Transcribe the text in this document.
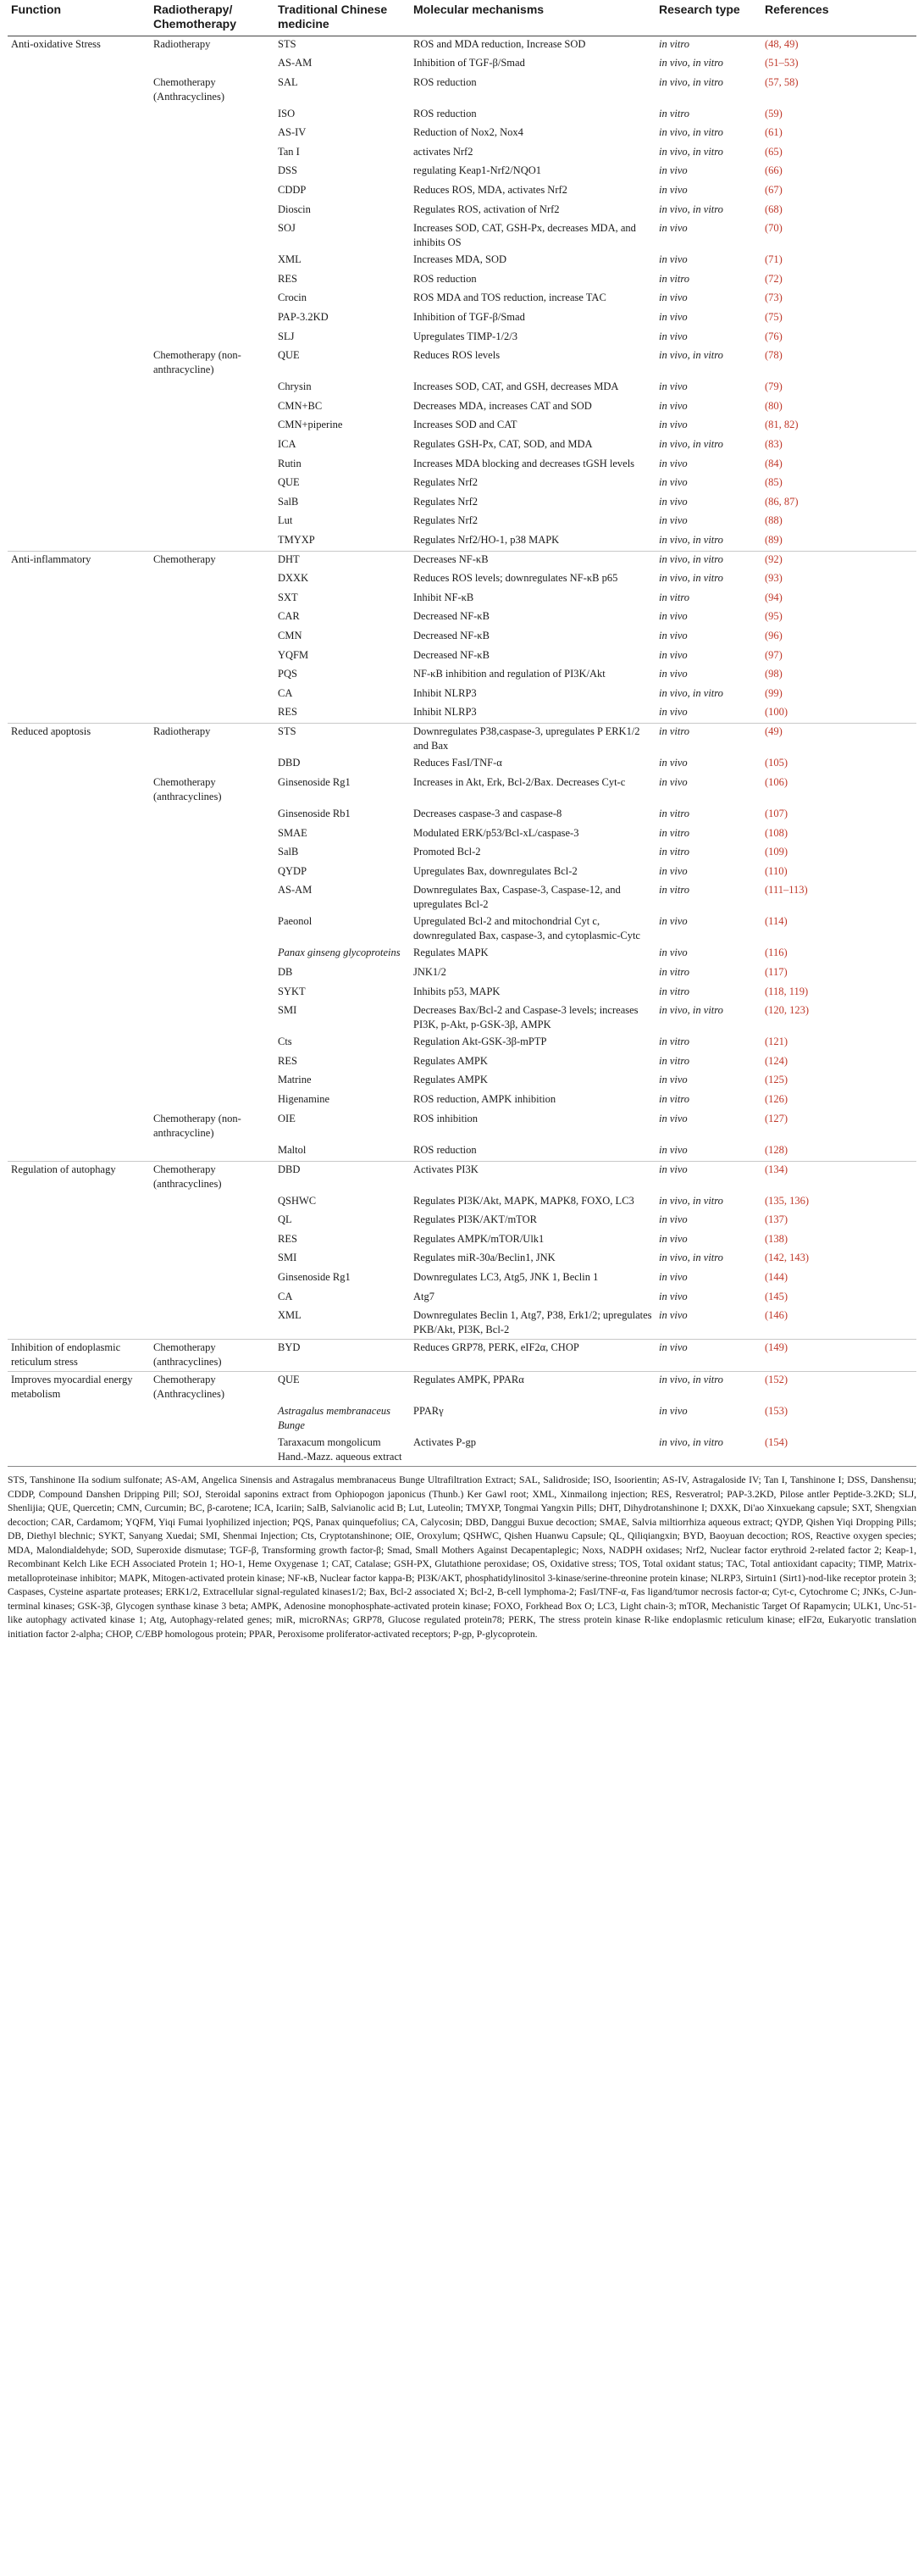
Function	Radiotherapy/ Chemotherapy	Traditional Chinese medicine	Molecular mechanisms	Research type	References
Anti-oxidative Stress	Radiotherapy	STS	ROS and MDA reduction, Increase SOD	in vitro	(48, 49)
		AS-AM	Inhibition of TGF-β/Smad	in vivo, in vitro	(51–53)
	Chemotherapy (Anthracyclines)	SAL	ROS reduction	in vivo, in vitro	(57, 58)
		ISO	ROS reduction	in vitro	(59)
		AS-IV	Reduction of Nox2, Nox4	in vivo, in vitro	(61)
		Tan I	activates Nrf2	in vivo, in vitro	(65)
		DSS	regulating Keap1-Nrf2/NQO1	in vivo	(66)
		CDDP	Reduces ROS, MDA, activates Nrf2	in vivo	(67)
		Dioscin	Regulates ROS, activation of Nrf2	in vivo, in vitro	(68)
		SOJ	Increases SOD, CAT, GSH-Px, decreases MDA, and inhibits OS	in vivo	(70)
		XML	Increases MDA, SOD	in vivo	(71)
		RES	ROS reduction	in vitro	(72)
		Crocin	ROS MDA and TOS reduction, increase TAC	in vivo	(73)
		PAP-3.2KD	Inhibition of TGF-β/Smad	in vivo	(75)
		SLJ	Upregulates TIMP-1/2/3	in vivo	(76)
	Chemotherapy (non-anthracycline)	QUE	Reduces ROS levels	in vivo, in vitro	(78)
		Chrysin	Increases SOD, CAT, and GSH, decreases MDA	in vivo	(79)
		CMN+BC	Decreases MDA, increases CAT and SOD	in vivo	(80)
		CMN+piperine	Increases SOD and CAT	in vivo	(81, 82)
		ICA	Regulates GSH-Px, CAT, SOD, and MDA	in vivo, in vitro	(83)
		Rutin	Increases MDA blocking and decreases tGSH levels	in vivo	(84)
		QUE	Regulates Nrf2	in vivo	(85)
		SalB	Regulates Nrf2	in vivo	(86, 87)
		Lut	Regulates Nrf2	in vivo	(88)
		TMYXP	Regulates Nrf2/HO-1, p38 MAPK	in vivo, in vitro	(89)
Anti-inflammatory	Chemotherapy	DHT	Decreases NF-κB	in vivo, in vitro	(92)
		DXXK	Reduces ROS levels; downregulates NF-κB p65	in vivo, in vitro	(93)
		SXT	Inhibit NF-κB	in vitro	(94)
		CAR	Decreased NF-κB	in vivo	(95)
		CMN	Decreased NF-κB	in vivo	(96)
		YQFM	Decreased NF-κB	in vivo	(97)
		PQS	NF-κB inhibition and regulation of PI3K/Akt	in vivo	(98)
		CA	Inhibit NLRP3	in vivo, in vitro	(99)
		RES	Inhibit NLRP3	in vivo	(100)
Reduced apoptosis	Radiotherapy	STS	Downregulates P38,caspase-3, upregulates P ERK1/2 and Bax	in vitro	(49)
		DBD	Reduces FasI/TNF-α	in vivo	(105)
	Chemotherapy (anthracyclines)	Ginsenoside Rg1	Increases in Akt, Erk, Bcl-2/Bax. Decreases Cyt-c	in vivo	(106)
		Ginsenoside Rb1	Decreases caspase-3 and caspase-8	in vitro	(107)
		SMAE	Modulated ERK/p53/Bcl-xL/caspase-3	in vitro	(108)
		SalB	Promoted Bcl-2	in vitro	(109)
		QYDP	Upregulates Bax, downregulates Bcl-2	in vivo	(110)
		AS-AM	Downregulates Bax, Caspase-3, Caspase-12, and upregulates Bcl-2	in vitro	(111–113)
		Paeonol	Upregulated Bcl-2 and mitochondrial Cyt c, downregulated Bax, caspase-3, and cytoplasmic-Cytc	in vivo	(114)
		Panax ginseng glycoproteins	Regulates MAPK	in vivo	(116)
		DB	JNK1/2	in vitro	(117)
		SYKT	Inhibits p53, MAPK	in vitro	(118, 119)
		SMI	Decreases Bax/Bcl-2 and Caspase-3 levels; increases PI3K, p-Akt, p-GSK-3β, AMPK	in vivo, in vitro	(120, 123)
		Cts	Regulation Akt-GSK-3β-mPTP	in vitro	(121)
		RES	Regulates AMPK	in vitro	(124)
		Matrine	Regulates AMPK	in vivo	(125)
		Higenamine	ROS reduction, AMPK inhibition	in vitro	(126)
	Chemotherapy (non-anthracycline)	OIE	ROS inhibition	in vivo	(127)
		Maltol	ROS reduction	in vivo	(128)
Regulation of autophagy	Chemotherapy (anthracyclines)	DBD	Activates PI3K	in vivo	(134)
		QSHWC	Regulates PI3K/Akt, MAPK, MAPK8, FOXO, LC3	in vivo, in vitro	(135, 136)
		QL	Regulates PI3K/AKT/mTOR	in vivo	(137)
		RES	Regulates AMPK/mTOR/Ulk1	in vivo	(138)
		SMI	Regulates miR-30a/Beclin1, JNK	in vivo, in vitro	(142, 143)
		Ginsenoside Rg1	Downregulates LC3, Atg5, JNK 1, Beclin 1	in vivo	(144)
		CA	Atg7	in vivo	(145)
		XML	Downregulates Beclin 1, Atg7, P38, Erk1/2; upregulates PKB/Akt, PI3K, Bcl-2	in vivo	(146)
Inhibition of endoplasmic reticulum stress	Chemotherapy (anthracyclines)	BYD	Reduces GRP78, PERK, eIF2α, CHOP	in vivo	(149)
Improves myocardial energy metabolism	Chemotherapy (Anthracyclines)	QUE	Regulates AMPK, PPARα	in vivo, in vitro	(152)
		Astragalus membranaceus Bunge	PPARγ	in vivo	(153)
		Taraxacum mongolicum Hand.-Mazz. aqueous extract	Activates P-gp	in vivo, in vitro	(154)

STS, Tanshinone IIa sodium sulfonate; AS-AM, Angelica Sinensis and Astragalus membranaceus Bunge Ultrafiltration Extract; SAL, Salidroside; ISO, Isoorientin; AS-IV, Astragaloside IV; Tan I, Tanshinone I; DSS, Danshensu; CDDP, Compound Danshen Dripping Pill; SOJ, Steroidal saponins extract from Ophiopogon japonicus (Thunb.) Ker Gawl root; XML, Xinmailong injection; RES, Resveratrol; PAP-3.2KD, Pilose antler Peptide-3.2KD; SLJ, Shenlijia; QUE, Quercetin; CMN, Curcumin; BC, β-carotene; ICA, Icariin; SalB, Salvianolic acid B; Lut, Luteolin; TMYXP, Tongmai Yangxin Pills; DHT, Dihydrotanshinone I; DXXK, Di'ao Xinxuekang capsule; SXT, Shengxian decoction; CAR, Cardamom; YQFM, Yiqi Fumai lyophilized injection; PQS, Panax quinquefolius; CA, Calycosin; DBD, Danggui Buxue decoction; SMAE, Salvia miltiorrhiza aqueous extract; QYDP, Qishen Yiqi Dropping Pills; DB, Diethyl blechnic; SYKT, Sanyang Xuedai; SMI, Shenmai Injection; Cts, Cryptotanshinone; OIE, Oroxylum; QSHWC, Qishen Huanwu Capsule; QL, Qiliqiangxin; BYD, Baoyuan decoction; ROS, Reactive oxygen species; MDA, Malondialdehyde; SOD, Superoxide dismutase; TGF-β, Transforming growth factor-β; Smad, Small Mothers Against Decapentaplegic; Noxs, NADPH oxidases; Nrf2, Nuclear factor erythroid 2-related factor 2; Keap-1, Recombinant Kelch Like ECH Associated Protein 1; HO-1, Heme Oxygenase 1; CAT, Catalase; GSH-PX, Glutathione peroxidase; OS, Oxidative stress; TOS, Total oxidant status; TAC, Total antioxidant capacity; TIMP, Matrix-metalloproteinase inhibitor; MAPK, Mitogen-activated protein kinase; NF-κB, Nuclear factor kappa-B; PI3K/AKT, phosphatidylinositol 3-kinase/serine-threonine protein kinase; NLRP3, Sirtuin1 (Sirt1)-nod-like receptor protein 3; Caspases, Cysteine aspartate proteases; ERK1/2, Extracellular signal-regulated kinases1/2; Bax, Bcl-2 associated X; Bcl-2, B-cell lymphoma-2; FasI/TNF-α, Fas ligand/tumor necrosis factor-α; Cyt-c, Cytochrome C; JNKs, C-Jun-terminal kinases; GSK-3β, Glycogen synthase kinase 3 beta; AMPK, Adenosine monophosphate-activated protein kinase; FOXO, Forkhead Box O; LC3, Light chain-3; mTOR, Mechanistic Target Of Rapamycin; ULK1, Unc-51-like autophagy activated kinase 1; Atg, Autophagy-related genes; miR, microRNAs; GRP78, Glucose regulated protein78; PERK, The stress protein kinase R-like endoplasmic reticulum kinase; eIF2α, Eukaryotic translation initiation factor 2-alpha; CHOP, C/EBP homologous protein; PPAR, Peroxisome proliferator-activated receptors; P-gp, P-glycoprotein.
